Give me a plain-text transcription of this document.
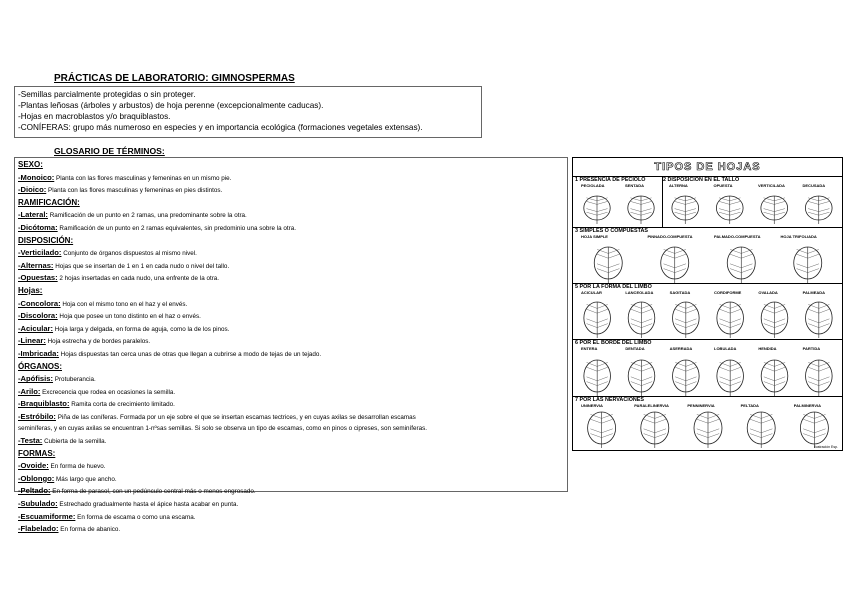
PRÁCTICAS DE LABORATORIO: GIMNOSPERMAS
-Semillas parcialmente protegidas o sin proteger.
-Plantas leñosas (árboles y arbustos) de hoja perenne (excepcionalmente caducas).
-Hojas en macroblastos y/o braquiblastos.
-CONÍFERAS: grupo más numeroso en especies y en importancia ecológica (formaciones vegetales extensas).
GLOSARIO DE TÉRMINOS:
SEXO:
-Monoico: Planta con las flores masculinas y femeninas en un mismo pie.
-Dioico: Planta con las flores masculinas y femeninas en pies distintos.
RAMIFICACIÓN:
-Lateral: Ramificación de un punto en 2 ramas, una predominante sobre la otra.
-Dicótoma: Ramificación de un punto en 2 ramas equivalentes, sin predominio una sobre la otra.
DISPOSICIÓN:
-Verticilado: Conjunto de órganos dispuestos al mismo nivel.
-Alternas: Hojas que se insertan de 1 en 1 en cada nudo o nivel del tallo.
-Opuestas: 2 hojas insertadas en cada nudo, una enfrente de la otra.
Hojas:
-Concolora: Hoja con el mismo tono en el haz y el envés.
-Discolora: Hoja que posee un tono distinto en el haz o envés.
-Acicular: Hoja larga y delgada, en forma de aguja, como la de los pinos.
-Linear: Hoja estrecha y de bordes paralelos.
-Imbricada: Hojas dispuestas tan cerca unas de otras que llegan a cubrirse a modo de tejas de un tejado.
ÓRGANOS:
-Apófisis: Protuberancia.
-Arilo: Excrecencia que rodea en ocasiones la semilla.
-Braquiblasto: Ramita corta de crecimiento limitado.
-Estróbilo: Piña de las coníferas. Formada por un eje sobre el que se insertan escamas tectrices, y en cuyas axilas se desarrollan escamas
seminíferas, y en cuyas axilas se encuentran 1-nºsas semillas. Si solo se observa un tipo de escamas, como en pinos o cipreses, son seminíferas.
-Testa: Cubierta de la semilla.
FORMAS:
-Ovoide: En forma de huevo.
-Oblongo: Más largo que ancho.
-Peltado: En forma de parasol, con un pedúnculo central más o menos engrosado.
-Subulado: Estrechado gradualmente hasta el ápice hasta acabar en punta.
-Escuamiforme: En forma de escama o como una escama.
-Flabelado: En forma de abanico.
TIPOS DE HOJAS
1 PRESENCIA DE PECÍOLO
PECIOLADA	SENTADA
2 DISPOSICIÓN EN EL TALLO
ALTERNA	OPUESTA	VERTICILADA	DECUSADA
3 SIMPLES O COMPUESTAS
HOJA SIMPLE	PINNADO-COMPUESTA	PALMADO-COMPUESTA	HOJA TRIFOLIADA
5 POR LA FORMA DEL LIMBO
ACICULAR	LANCEOLADA	SAGITADA	CORDIFORME	OVALADA	PALMEADA
6 POR EL BORDE DEL LIMBO
ENTERA	DENTADA	ASERRADA	LOBULADA	HENDIDA	PARTIDA
7 POR LAS NERVACIONES
UNINERVIA	PARALELINERVIA	PENNINERVIA	PELTADA	PALMINERVIA
Ilustración Esp.
